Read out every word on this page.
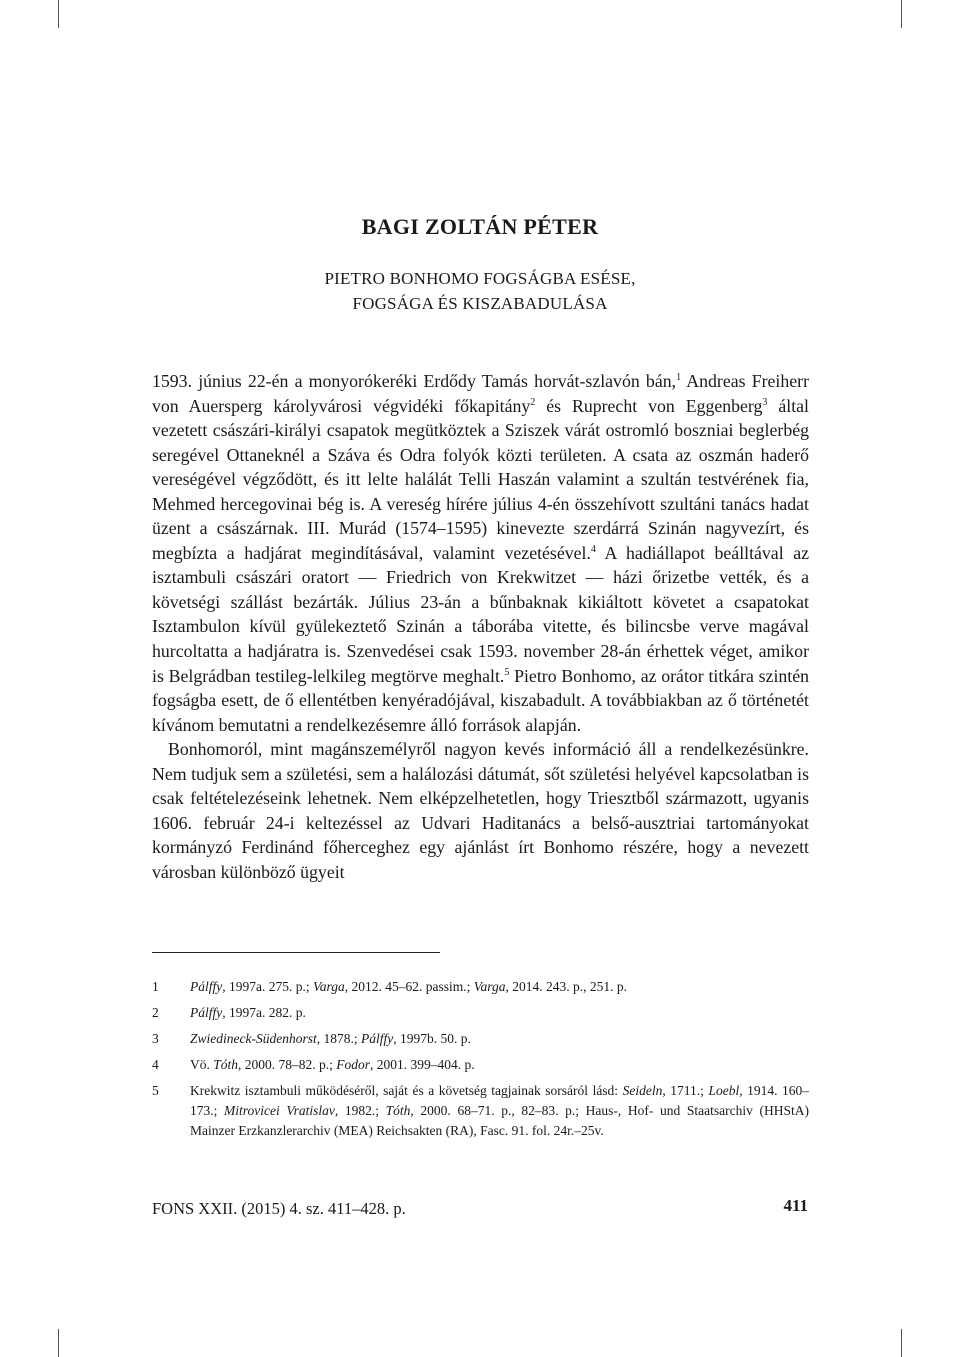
BAGI ZOLTÁN PÉTER
PIETRO BONHOMO FOGSÁGBA ESÉSE,
FOGSÁGA ÉS KISZABADULÁSA

1593. június 22-én a monyorókeréki Erdődy Tamás horvát-szlavón bán,$^1$ Andreas Freiherr von Auersperg károlyvárosi végvidéki főkapitány$^2$ és Ruprecht von Eggenberg$^3$ által vezetett császári-királyi csapatok megütköztek a Sziszek várát ostromló boszniai beglerbég seregével Ottaneknél a Száva és Odra folyók közti területen. A csata az oszmán haderő vereségével végződött, és itt lelte halálát Telli Haszán valamint a szultán testvérének fia, Mehmed hercegovinai bég is. A vereség hírére július 4-én összehívott szultáni tanács hadat üzent a császárnak. III. Murád (1574–1595) kinevezte szerdárrá Szinán nagyvezírt, és megbízta a hadjárat megindításával, valamint vezetésével.$^4$ A hadiállapot beálltával az isztambuli császári oratort — Friedrich von Krekwitzet — házi őrizetbe vették, és a követségi szállást bezárták. Július 23-án a bűnbaknak kikiáltott követet a csapatokat Isztambulon kívül gyülekeztető Szinán a táborába vitette, és bilincsbe verve magával hurcoltatta a hadjáratra is. Szenvedései csak 1593. november 28-án érhettek véget, amikor is Belgrádban testileg-lelkileg megtörve meghalt.$^5$ Pietro Bonhomo, az orátor titkára szintén fogságba esett, de ő ellentétben kenyéradójával, kiszabadult. A továbbiakban az ő történetét kívánom bemutatni a rendelkezésemre álló források alapján.

Bonhomoról, mint magánszemélyről nagyon kevés információ áll a rendelkezésünkre. Nem tudjuk sem a születési, sem a halálozási dátumát, sőt születési helyével kapcsolatban is csak feltételezéseink lehetnek. Nem elképzelhetetlen, hogy Triesztből származott, ugyanis 1606. február 24-i keltezéssel az Udvari Haditanács a belső-ausztriai tartományokat kormányzó Ferdinánd főherceghez egy ajánlást írt Bonhomo részére, hogy a nevezett városban különböző ügyeit

1	Pálffy, 1997a. 275. p.; Varga, 2012. 45–62. passim.; Varga, 2014. 243. p., 251. p.
2	Pálffy, 1997a. 282. p.
3	Zwiedineck-Südenhorst, 1878.; Pálffy, 1997b. 50. p.
4	Vö. Tóth, 2000. 78–82. p.; Fodor, 2001. 399–404. p.
5	Krekwitz isztambuli működéséről, saját és a követség tagjainak sorsáról lásd: Seideln, 1711.; Loebl, 1914. 160–173.; Mitrovicei Vratislav, 1982.; Tóth, 2000. 68–71. p., 82–83. p.; Haus-, Hof- und Staatsarchiv (HHStA) Mainzer Erzkanzlerarchiv (MEA) Reichsakten (RA), Fasc. 91. fol. 24r.–25v.
FONS XXII. (2015) 4. sz. 411–428. p.	411
